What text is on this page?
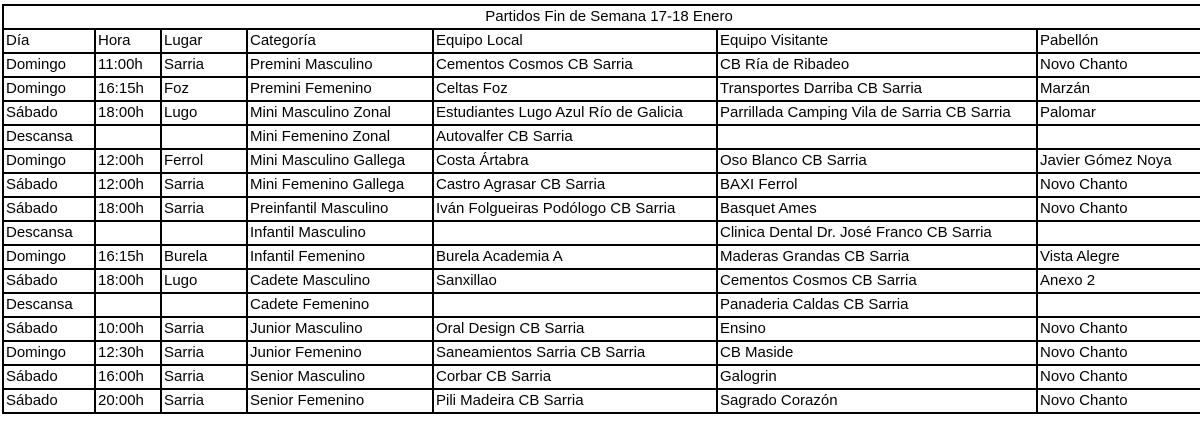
Partidos Fin de Semana 17-18 Enero						
Día	Hora	Lugar	Categoría	Equipo Local	Equipo Visitante	Pabellón
Domingo	11:00h	Sarria	Premini Masculino	Cementos Cosmos CB Sarria	CB Ría de Ribadeo	Novo Chanto
Domingo	16:15h	Foz	Premini Femenino	Celtas Foz	Transportes Darriba CB Sarria	Marzán
Sábado	18:00h	Lugo	Mini Masculino Zonal	Estudiantes Lugo Azul Río de Galicia	Parrillada Camping Vila de Sarria CB Sarria	Palomar
Descansa			Mini Femenino Zonal	Autovalfer CB Sarria		
Domingo	12:00h	Ferrol	Mini Masculino Gallega	Costa Ártabra	Oso Blanco CB Sarria	Javier Gómez Noya
Sábado	12:00h	Sarria	Mini Femenino Gallega	Castro Agrasar CB Sarria	BAXI Ferrol	Novo Chanto
Sábado	18:00h	Sarria	Preinfantil Masculino	Iván Folgueiras Podólogo CB Sarria	Basquet Ames	Novo Chanto
Descansa			Infantil Masculino		Clinica Dental Dr. José Franco CB Sarria	
Domingo	16:15h	Burela	Infantil Femenino	Burela Academia A	Maderas Grandas CB Sarria	Vista Alegre
Sábado	18:00h	Lugo	Cadete Masculino	Sanxillao	Cementos Cosmos CB Sarria	Anexo 2
Descansa			Cadete Femenino		Panaderia Caldas CB Sarria	
Sábado	10:00h	Sarria	Junior Masculino	Oral Design CB Sarria	Ensino	Novo Chanto
Domingo	12:30h	Sarria	Junior Femenino	Saneamientos Sarria CB Sarria	CB Maside	Novo Chanto
Sábado	16:00h	Sarria	Senior Masculino	Corbar CB Sarria	Galogrin	Novo Chanto
Sábado	20:00h	Sarria	Senior Femenino	Pili Madeira CB Sarria	Sagrado Corazón	Novo Chanto
